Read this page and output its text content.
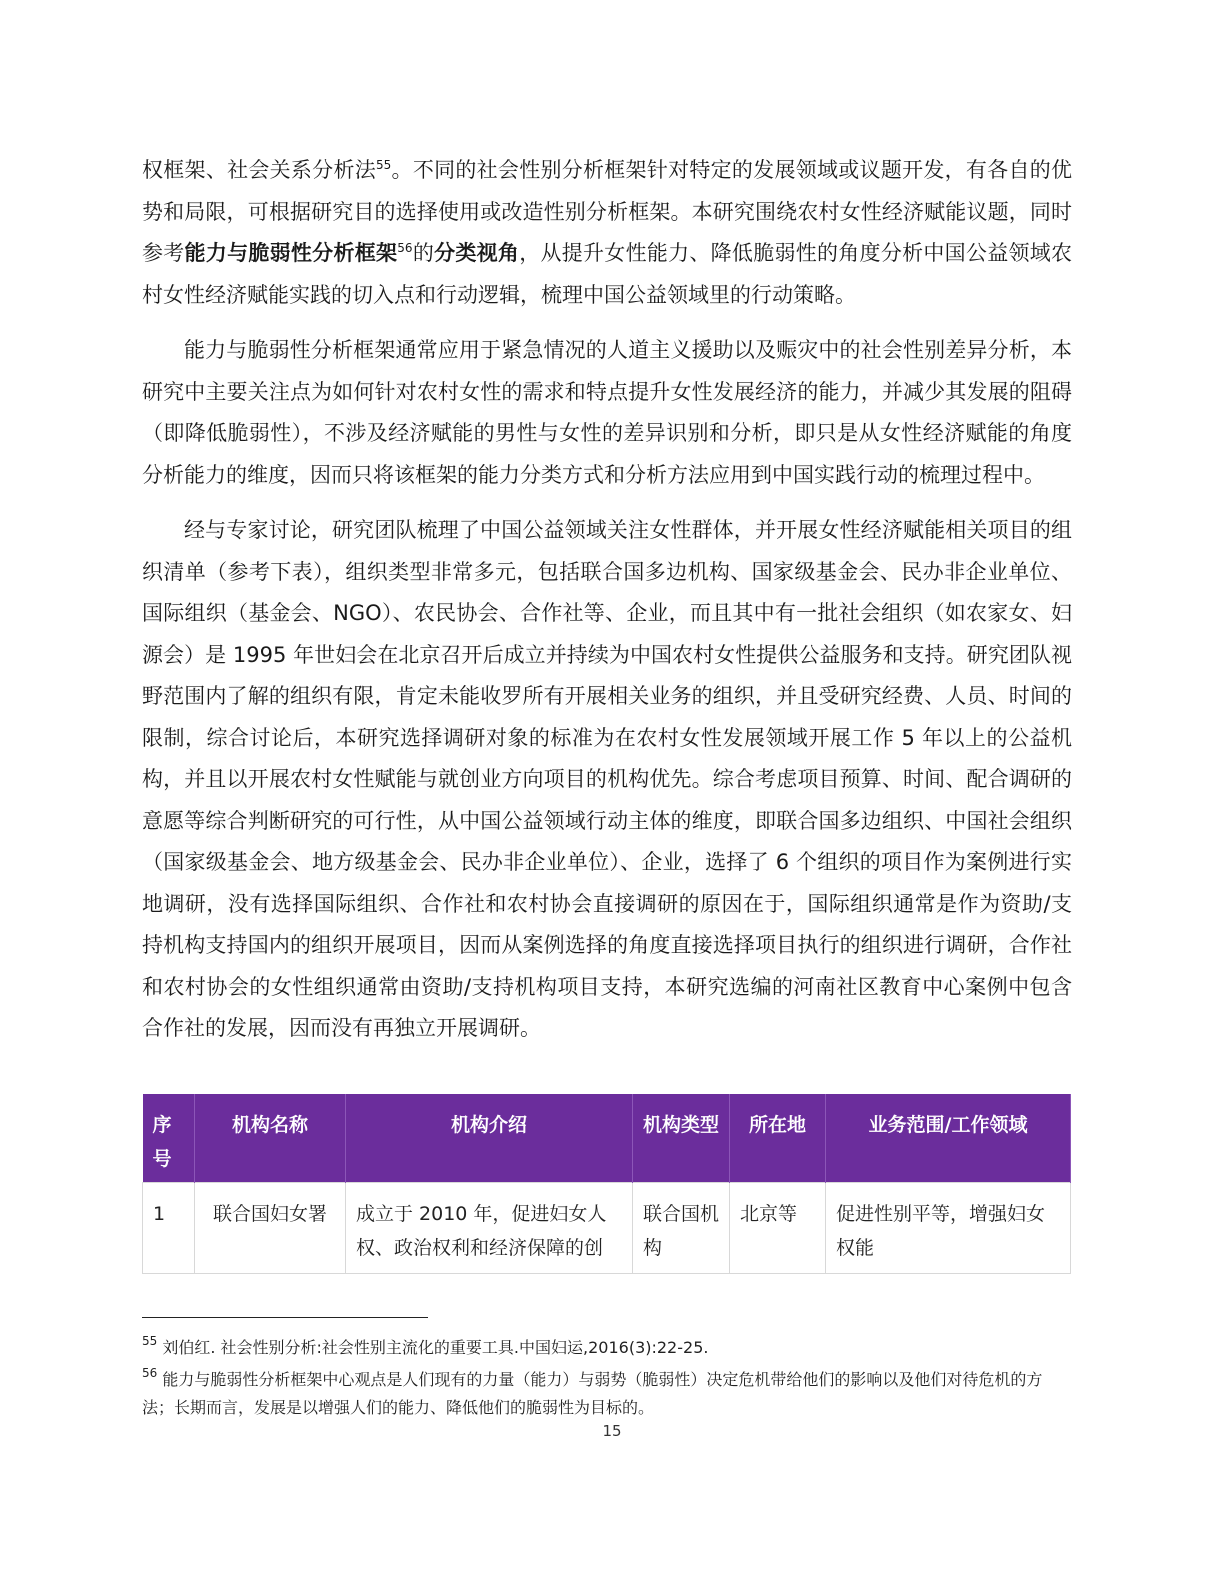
权框架、社会关系分析法$^{55}$。不同的社会性别分析框架针对特定的发展领域或议题开发，有各自的优势和局限，可根据研究目的选择使用或改造性别分析框架。本研究围绕农村女性经济赋能议题，同时参考能力与脆弱性分析框架$^{56}$的分类视角，从提升女性能力、降低脆弱性的角度分析中国公益领域农村女性经济赋能实践的切入点和行动逻辑，梳理中国公益领域里的行动策略。

能力与脆弱性分析框架通常应用于紧急情况的人道主义援助以及赈灾中的社会性别差异分析，本研究中主要关注点为如何针对农村女性的需求和特点提升女性发展经济的能力，并减少其发展的阻碍（即降低脆弱性），不涉及经济赋能的男性与女性的差异识别和分析，即只是从女性经济赋能的角度分析能力的维度，因而只将该框架的能力分类方式和分析方法应用到中国实践行动的梳理过程中。

经与专家讨论，研究团队梳理了中国公益领域关注女性群体，并开展女性经济赋能相关项目的组织清单（参考下表），组织类型非常多元，包括联合国多边机构、国家级基金会、民办非企业单位、国际组织（基金会、NGO）、农民协会、合作社等、企业，而且其中有一批社会组织（如农家女、妇源会）是 1995 年世妇会在北京召开后成立并持续为中国农村女性提供公益服务和支持。研究团队视野范围内了解的组织有限，肯定未能收罗所有开展相关业务的组织，并且受研究经费、人员、时间的限制，综合讨论后，本研究选择调研对象的标准为在农村女性发展领域开展工作 5 年以上的公益机构，并且以开展农村女性赋能与就创业方向项目的机构优先。综合考虑项目预算、时间、配合调研的意愿等综合判断研究的可行性，从中国公益领域行动主体的维度，即联合国多边组织、中国社会组织（国家级基金会、地方级基金会、民办非企业单位）、企业，选择了 6 个组织的项目作为案例进行实地调研，没有选择国际组织、合作社和农村协会直接调研的原因在于，国际组织通常是作为资助/支持机构支持国内的组织开展项目，因而从案例选择的角度直接选择项目执行的组织进行调研，合作社和农村协会的女性组织通常由资助/支持机构项目支持，本研究选编的河南社区教育中心案例中包含合作社的发展，因而没有再独立开展调研。

序号	机构名称	机构介绍	机构类型	所在地	业务范围/工作领域
1	联合国妇女署	成立于 2010 年，促进妇女人权、政治权利和经济保障的创	联合国机构	北京等	促进性别平等，增强妇女权能

$^{55}$ 刘伯红. 社会性别分析:社会性别主流化的重要工具.中国妇运,2016(3):22-25.

$^{56}$ 能力与脆弱性分析框架中心观点是人们现有的力量（能力）与弱势（脆弱性）决定危机带给他们的影响以及他们对待危机的方法；长期而言，发展是以增强人们的能力、降低他们的脆弱性为目标的。

15
